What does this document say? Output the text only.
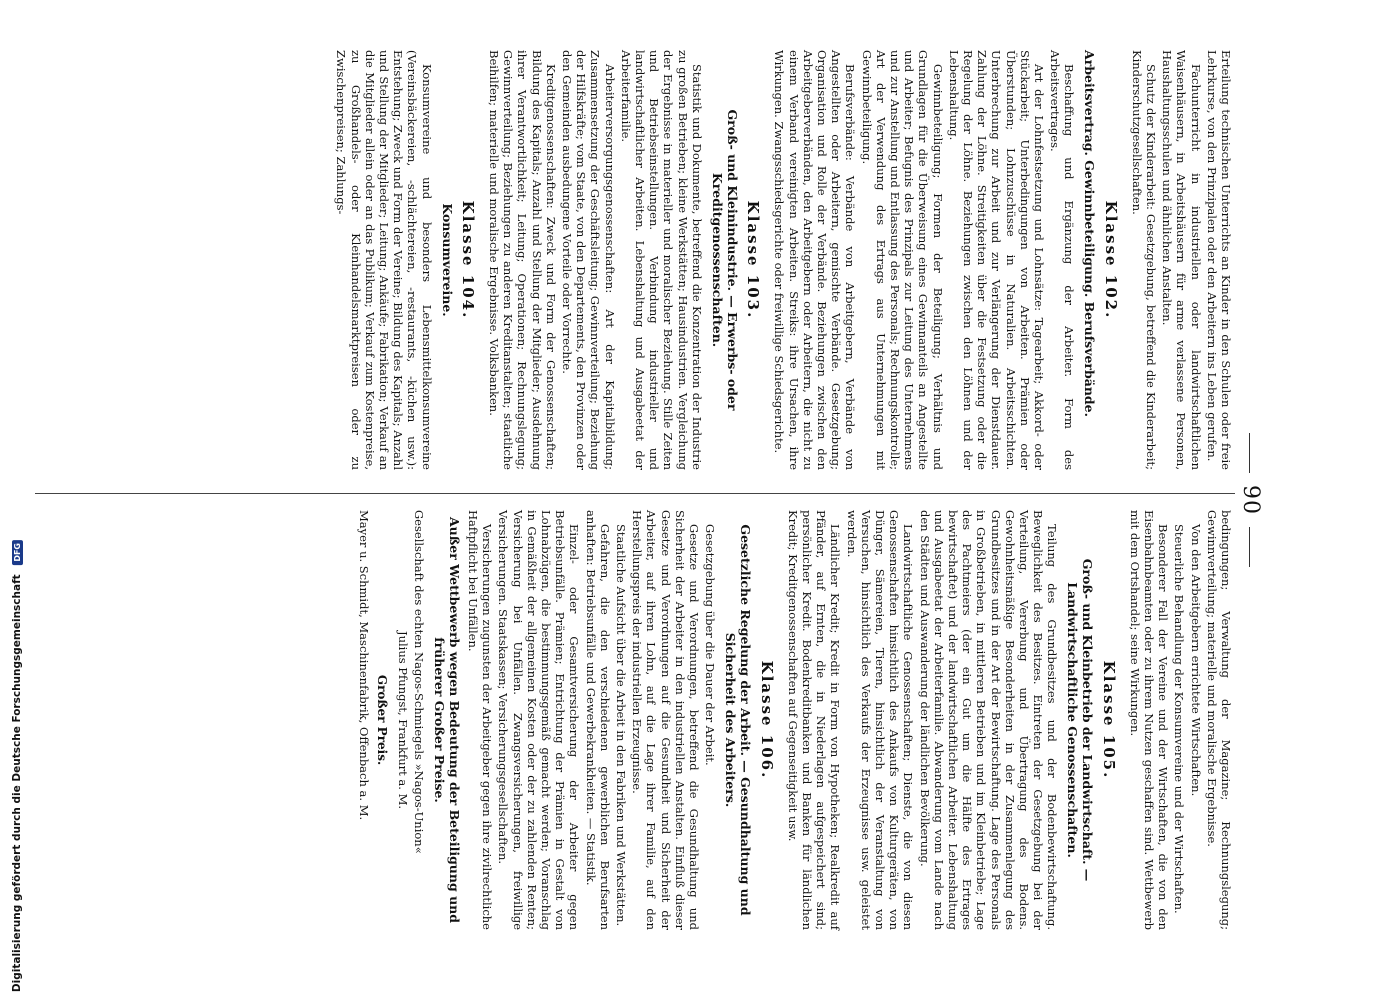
90

Erteilung technischen Unterrichts an Kinder in den Schulen oder freie Lehrkurse, von den Prinzipalen oder den Arbeitern ins Leben gerufen.

Fachunterricht in industriellen oder landwirtschaftlichen Waisenhäusern, in Arbeitshäusern für arme verlassene Personen, Haushaltungsschulen und ähnlichen Anstalten.

Schutz der Kinderarbeit: Gesetzgebung, betreffend die Kinderarbeit; Kinderschutzgesellschaften.

Klasse 102.
Arbeitsvertrag. Gewinnbeteiligung. Berufsverbände.

Beschaffung und Ergänzung der Arbeiter. Form des Arbeitsvertrages.

Art der Lohnfestsetzung und Lohnsätze: Tagearbeit; Akkord- oder Stückarbeit; Unterbedingungen von Arbeiten. Prämien oder Überstunden; Lohnzuschüsse in Naturalien. Arbeitsschichten. Unterbrechung zur Arbeit und zur Verlängerung der Dienstdauer. Zahlung der Löhne. Streitigkeiten über die Festsetzung oder die Regelung der Löhne. Beziehungen zwischen den Löhnen und der Lebenshaltung.

Gewinnbeteiligung; Formen der Beteiligung; Verhältnis und Grundlagen für die Überweisung eines Gewinnanteils an Angestellte und Arbeiter; Befugnis des Prinzipals zur Leitung des Unternehmens und zur Anstellung und Entlassung des Personals; Rechnungskontrolle; Art der Verwendung des Ertrags aus Unternehmungen mit Gewinnbeteiligung.

Berufsverbände: Verbände von Arbeitgebern, Verbände von Angestellten oder Arbeitern, gemischte Verbände. Gesetzgebung; Organisation und Rolle der Verbände. Beziehungen zwischen den Arbeitgeberverbänden, den Arbeitgebern oder Arbeitern, die nicht zu einem Verband vereinigten Arbeiten. Streiks: ihre Ursachen, ihre Wirkungen. Zwangsschiedsgerichte oder freiwillige Schiedsgerichte.

Klasse 103.
Groß- und Kleinindustrie. — Erwerbs- oder Kreditgenossenschaften.

Statistik und Dokumente, betreffend die Konzentration der Industrie zu großen Betrieben; kleine Werkstätten; Hausindustrien. Vergleichung der Ergebnisse in materieller und moralischer Beziehung. Stille Zeiten und Betriebseinstellungen. Verbindung industrieller und landwirtschaftlicher Arbeiten. Lebenshaltung und Ausgabeetat der Arbeiterfamilie.

Arbeiterversorgungsgenossenschaften: Art der Kapitalbildung; Zusammensetzung der Geschäftsleitung; Gewinnverteilung; Beziehung der Hilfskräfte; vom Staate, von den Departements, den Provinzen oder den Gemeinden ausbedungene Vorteile oder Vorrechte.

Kreditgenossenschaften: Zweck und Form der Genossenschaften; Bildung des Kapitals; Anzahl und Stellung der Mitglieder; Ausdehnung ihrer Verantwortlichkeit; Leitung; Operationen; Rechnungslegung; Gewinnverteilung; Beziehungen zu anderen Kreditanstalten; staatliche Beihilfen; materielle und moralische Ergebnisse. Volksbanken.

Klasse 104.
Konsumvereine.

Konsumvereine und besonders Lebensmittelkonsumvereine (Vereinsbäckereien, -schlächtereien, -restaurants, -küchen usw.): Entstehung; Zweck und Form der Vereine; Bildung des Kapitals; Anzahl und Stellung der Mitglieder; Leitung; Ankäufe; Fabrikation; Verkauf an die Mitglieder allein oder an das Publikum; Verkauf zum Kostenpreise, zu Großhandels- oder Kleinhandelsmarktpreisen oder zu Zwischenpreisen; Zahlungs-

bedingungen; Verwaltung der Magazine; Rechnungslegung; Gewinnverteilung; materielle und moralische Ergebnisse.

Von den Arbeitgebern errichtete Wirtschaften.

Steuerliche Behandlung der Konsumvereine und der Wirtschaften.

Besonderer Fall der Vereine und der Wirtschaften, die von den Eisenbahnbeamten oder zu ihrem Nutzen geschaffen sind. Wettbewerb mit dem Ortshandel; seine Wirkungen.

Klasse 105.
Groß- und Kleinbetrieb der Landwirtschaft. — Landwirtschaftliche Genossenschaften.

Teilung des Grundbesitzes und der Bodenbewirtschaftung. Beweglichkeit des Besitzes. Eintreten der Gesetzgebung bei der Verteilung, Vererbung und Übertragung des Bodens. Gewohnheitsmäßige Besonderheiten in der Zusammenlegung des Grundbesitzes und in der Art der Bewirtschaftung. Lage des Personals in Großbetrieben, in mittleren Betrieben und im Kleinbetriebe; Lage des Pachtmeiers (der ein Gut um die Hälfte des Ertrages bewirtschaftet) und der landwirtschaftlichen Arbeiter. Lebenshaltung und Ausgabeetat der Arbeiterfamilie. Abwanderung vom Lande nach den Städten und Auswanderung der ländlichen Bevölkerung.

Landwirtschaftliche Genossenschaften; Dienste, die von diesen Genossenschaften hinsichtlich des Ankaufs von Kulturgeräten, von Dünger, Sämereien, Tieren, hinsichtlich der Veranstaltung von Versuchen, hinsichtlich des Verkaufs der Erzeugnisse usw. geleistet werden.

Ländlicher Kredit; Kredit in Form von Hypotheken; Realkredit auf Pfänder, auf Ernten, die in Niederlagen aufgespeichert sind; persönlicher Kredit. Bodenkreditbanken und Banken für ländlichen Kredit; Kreditgenossenschaften auf Gegenseitigkeit usw.

Klasse 106.
Gesetzliche Regelung der Arbeit. — Gesundhaltung und Sicherheit des Arbeiters.

Gesetzgebung über die Dauer der Arbeit.

Gesetze und Verordnungen, betreffend die Gesundhaltung und Sicherheit der Arbeiter in den industriellen Anstalten. Einfluß dieser Gesetze und Verordnungen auf die Gesundheit und Sicherheit der Arbeiter, auf ihren Lohn, auf die Lage ihrer Familie, auf den Herstellungspreis der industriellen Erzeugnisse.

Staatliche Aufsicht über die Arbeit in den Fabriken und Werkstätten.

Gefahren, die den verschiedenen gewerblichen Berufsarten anhaften: Betriebsunfälle und Gewerbekrankheiten. — Statistik.

Einzel- oder Gesamtversicherung der Arbeiter gegen Betriebsunfälle. Prämien; Entrichtung der Prämien in Gestalt von Lohnabzügen, die bestimmungsgemäß gemacht werden; Voranschlag in Gemäßheit der allgemeinen Kosten oder der zu zahlenden Renten; Versicherung bei Unfällen. Zwangsversicherungen, freiwillige Versicherungen. Staatskassen; Versicherungsgesellschaften.

Versicherungen zugunsten der Arbeitgeber gegen ihre zivilrechtliche Haftpflicht bei Unfällen.

Außer Wettbewerb wegen Bedeutung der Beteiligung und früherer Großer Preise.

Gesellschaft des echten Nagos-Schmiegels »Nagos-Union«

Julius Pfungst, Frankfurt a. M.
Großer Preis.

Mayer u. Schmidt, Maschinenfabrik, Offenbach a. M.

Digitalisierung gefördert durch die Deutsche Forschungsgemeinschaft DFG
